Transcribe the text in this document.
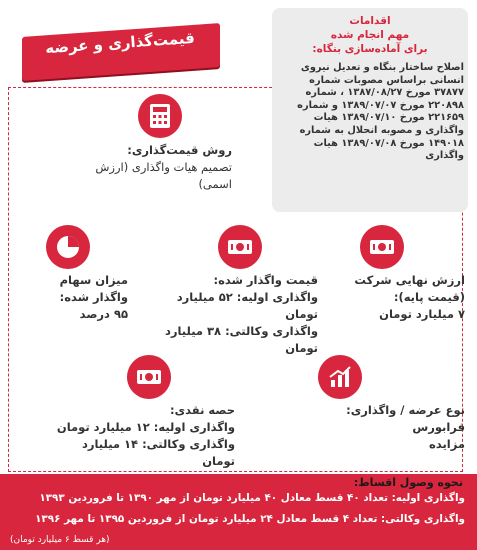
قیمت‌گذاری و عرضه
اقدامات
مهم انجام شده
برای آماده‌سازی بنگاه:
اصلاح ساختار بنگاه و تعدیل نیروی انسانی براساس مصوبات شماره ۳۷۸۷۷ مورخ ۱۳۸۷/۰۸/۲۷ ، شماره ۲۲۰۸۹۸ مورخ ۱۳۸۹/۰۷/۰۷ و شماره ۲۲۱۶۵۹ مورخ ۱۳۸۹/۰۷/۱۰ هیات واگذاری و مصوبه انحلال به شماره ۱۴۹۰۱۸ مورخ ۱۳۸۹/۰۷/۰۸ هیات واگذاری
روش قیمت‌گذاری:
تصمیم هیات واگذاری (ارزش اسمی)
میزان سهام
واگذار شده:
۹۵ درصد
قیمت واگذار شده:
واگذاری اولیه: ۵۲ میلیارد تومان
واگذاری وکالتی: ۳۸ میلیارد تومان
ارزش نهایی شرکت
(قیمت پایه):
۷ میلیارد تومان
حصه نقدی:
واگذاری اولیه: ۱۲ میلیارد تومان
واگذاری وکالتی: ۱۴ میلیارد تومان
نوع عرضه / واگذاری:
فرابورس
مزایده
نحوه وصول اقساط:
واگذاری اولیه: تعداد ۴۰ قسط معادل ۴۰ میلیارد تومان از مهر ۱۳۹۰ تا فروردین ۱۳۹۳
واگذاری وکالتی: تعداد ۴ قسط معادل ۲۴ میلیارد تومان از فروردین ۱۳۹۵ تا مهر ۱۳۹۶
(هر قسط ۶ میلیارد تومان)
